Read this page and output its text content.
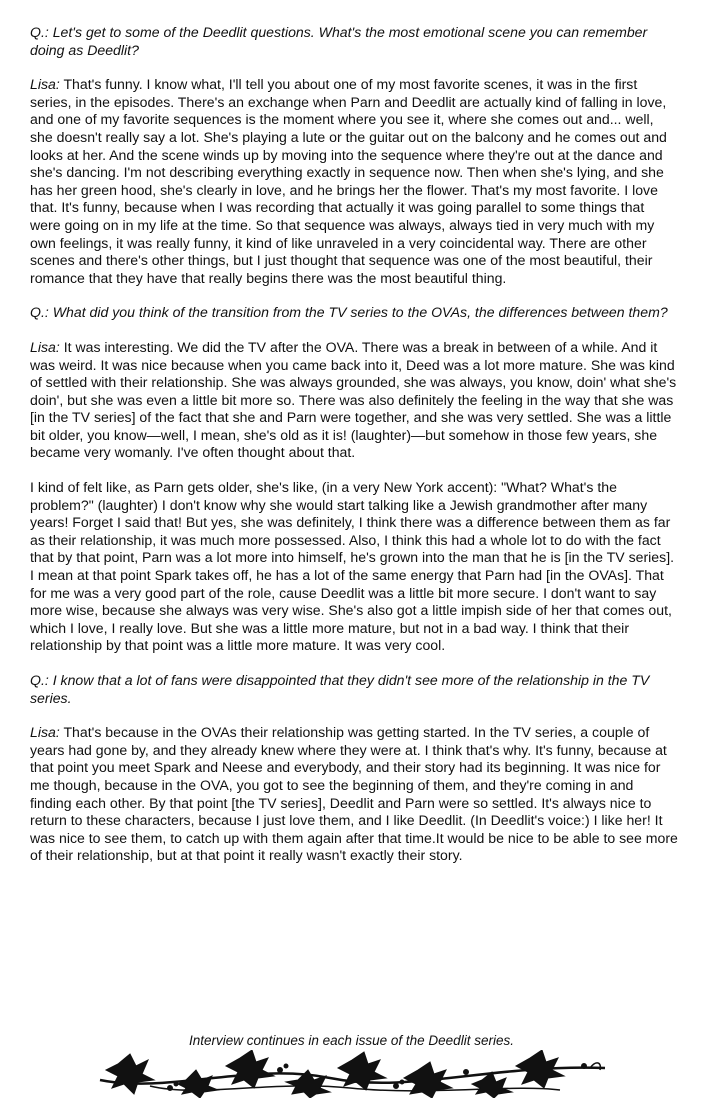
Q.: Let's get to some of the Deedlit questions. What's the most emotional scene you can remember doing as Deedlit?

Lisa: That's funny. I know what, I'll tell you about one of my most favorite scenes, it was in the first series, in the episodes. There's an exchange when Parn and Deedlit are actually kind of falling in love, and one of my favorite sequences is the moment where you see it, where she comes out and... well, she doesn't really say a lot. She's playing a lute or the guitar out on the balcony and he comes out and looks at her. And the scene winds up by moving into the sequence where they're out at the dance and she's dancing. I'm not describing everything exactly in sequence now. Then when she's lying, and she has her green hood, she's clearly in love, and he brings her the flower. That's my most favorite. I love that. It's funny, because when I was recording that actually it was going parallel to some things that were going on in my life at the time. So that sequence was always, always tied in very much with my own feelings, it was really funny, it kind of like unraveled in a very coincidental way. There are other scenes and there's other things, but I just thought that sequence was one of the most beautiful, their romance that they have that really begins there was the most beautiful thing.

Q.: What did you think of the transition from the TV series to the OVAs, the differences between them?

Lisa: It was interesting. We did the TV after the OVA. There was a break in between of a while. And it was weird. It was nice because when you came back into it, Deed was a lot more mature. She was kind of settled with their relationship. She was always grounded, she was always, you know, doin' what she's doin', but she was even a little bit more so. There was also definitely the feeling in the way that she was [in the TV series] of the fact that she and Parn were together, and she was very settled. She was a little bit older, you know—well, I mean, she's old as it is! (laughter)—but somehow in those few years, she became very womanly. I've often thought about that.

I kind of felt like, as Parn gets older, she's like, (in a very New York accent): "What? What's the problem?" (laughter) I don't know why she would start talking like a Jewish grandmother after many years! Forget I said that! But yes, she was definitely, I think there was a difference between them as far as their relationship, it was much more possessed. Also, I think this had a whole lot to do with the fact that by that point, Parn was a lot more into himself, he's grown into the man that he is [in the TV series]. I mean at that point Spark takes off, he has a lot of the same energy that Parn had [in the OVAs]. That for me was a very good part of the role, cause Deedlit was a little bit more secure. I don't want to say more wise, because she always was very wise. She's also got a little impish side of her that comes out, which I love, I really love. But she was a little more mature, but not in a bad way. I think that their relationship by that point was a little more mature. It was very cool.

Q.: I know that a lot of fans were disappointed that they didn't see more of the relationship in the TV series.

Lisa: That's because in the OVAs their relationship was getting started. In the TV series, a couple of years had gone by, and they already knew where they were at. I think that's why. It's funny, because at that point you meet Spark and Neese and everybody, and their story had its beginning. It was nice for me though, because in the OVA, you got to see the beginning of them, and they're coming in and finding each other. By that point [the TV series], Deedlit and Parn were so settled. It's always nice to return to these characters, because I just love them, and I like Deedlit. (In Deedlit's voice:) I like her! It was nice to see them, to catch up with them again after that time.It would be nice to be able to see more of their relationship, but at that point it really wasn't exactly their story.

Interview continues in each issue of the Deedlit series.
